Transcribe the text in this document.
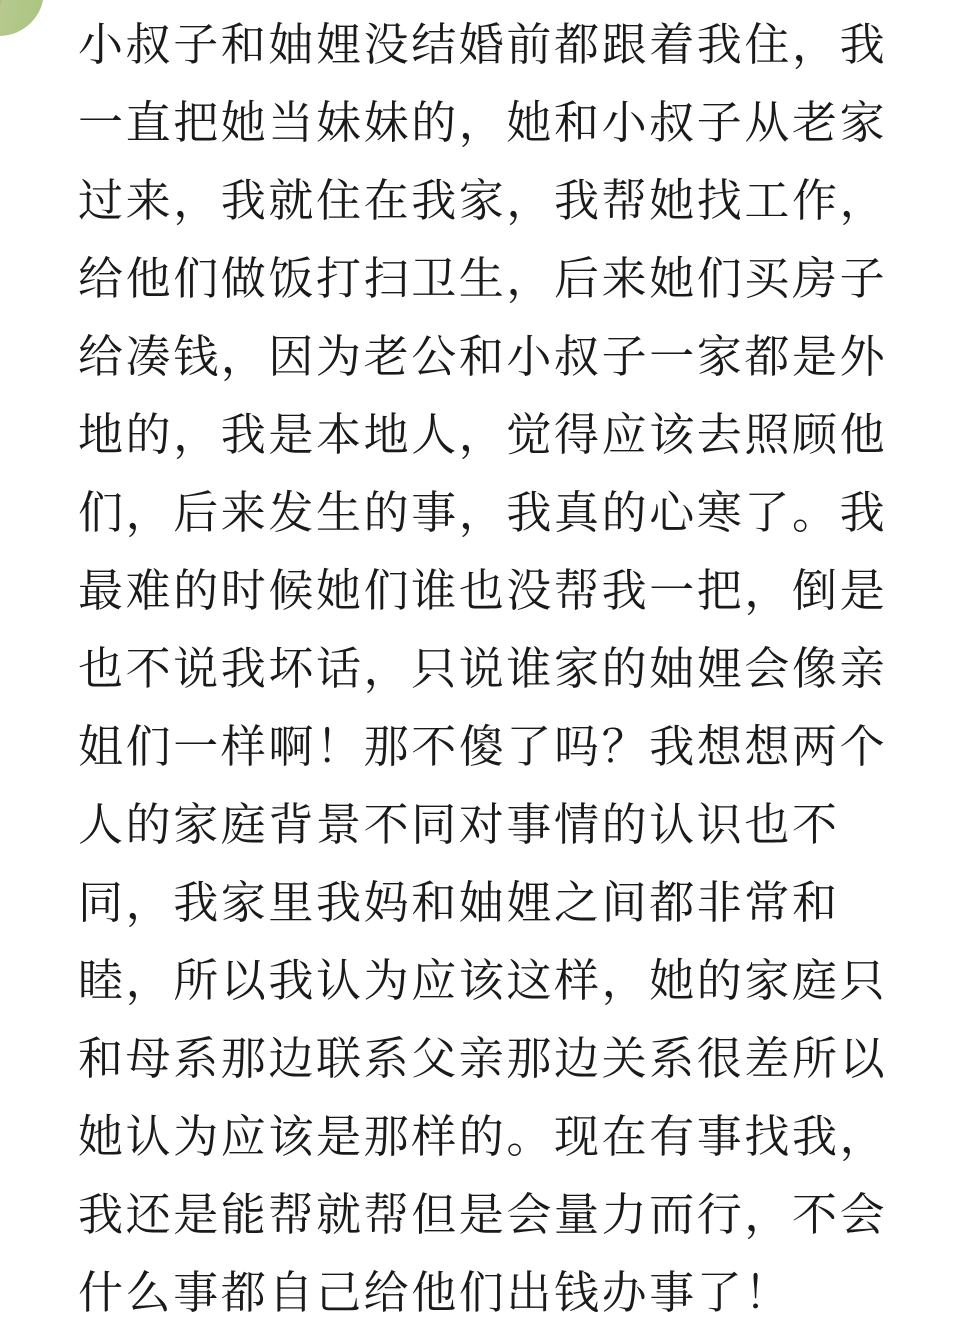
小叔子和妯娌没结婚前都跟着我住，我
一直把她当妹妹的，她和小叔子从老家
过来，我就住在我家，我帮她找工作，
给他们做饭打扫卫生，后来她们买房子
给凑钱，因为老公和小叔子一家都是外
地的，我是本地人，觉得应该去照顾他
们，后来发生的事，我真的心寒了。我
最难的时候她们谁也没帮我一把，倒是
也不说我坏话，只说谁家的妯娌会像亲
姐们一样啊！那不傻了吗？我想想两个
人的家庭背景不同对事情的认识也不
同，我家里我妈和妯娌之间都非常和
睦，所以我认为应该这样，她的家庭只
和母系那边联系父亲那边关系很差所以
她认为应该是那样的。现在有事找我，
我还是能帮就帮但是会量力而行，不会
什么事都自己给他们出钱办事了！
